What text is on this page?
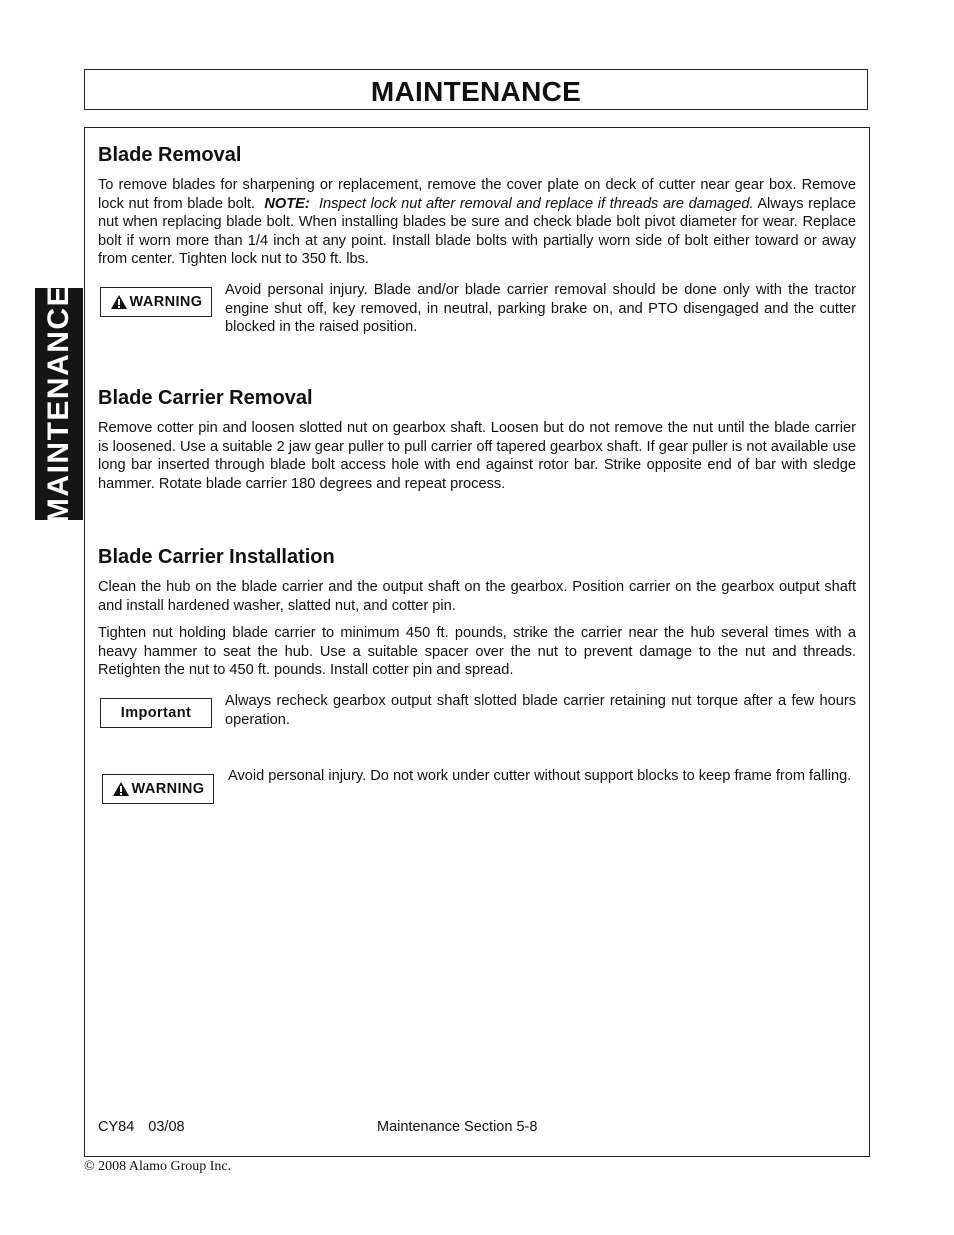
MAINTENANCE
MAINTENANCE
Blade Removal

To remove blades for sharpening or replacement, remove the cover plate on deck of cutter near gear box. Remove lock nut from blade bolt. NOTE: Inspect lock nut after removal and replace if threads are damaged. Always replace nut when replacing blade bolt. When installing blades be sure and check blade bolt pivot diameter for wear. Replace bolt if worn more than 1/4 inch at any point. Install blade bolts with partially worn side of bolt either toward or away from center. Tighten lock nut to 350 ft. lbs.

WARNING

Avoid personal injury. Blade and/or blade carrier removal should be done only with the tractor engine shut off, key removed, in neutral, parking brake on, and PTO disengaged and the cutter blocked in the raised position.

Blade Carrier Removal

Remove cotter pin and loosen slotted nut on gearbox shaft. Loosen but do not remove the nut until the blade carrier is loosened. Use a suitable 2 jaw gear puller to pull carrier off tapered gearbox shaft. If gear puller is not available use long bar inserted through blade bolt access hole with end against rotor bar. Strike opposite end of bar with sledge hammer. Rotate blade carrier 180 degrees and repeat process.

Blade Carrier Installation

Clean the hub on the blade carrier and the output shaft on the gearbox. Position carrier on the gearbox output shaft and install hardened washer, slatted nut, and cotter pin.

Tighten nut holding blade carrier to minimum 450 ft. pounds, strike the carrier near the hub several times with a heavy hammer to seat the hub. Use a suitable spacer over the nut to prevent damage to the nut and threads. Retighten the nut to 450 ft. pounds. Install cotter pin and spread.

Important

Always recheck gearbox output shaft slotted blade carrier retaining nut torque after a few hours operation.

WARNING

Avoid personal injury. Do not work under cutter without support blocks to keep frame from falling.

CY84 03/08	Maintenance Section 5-8
© 2008 Alamo Group Inc.
